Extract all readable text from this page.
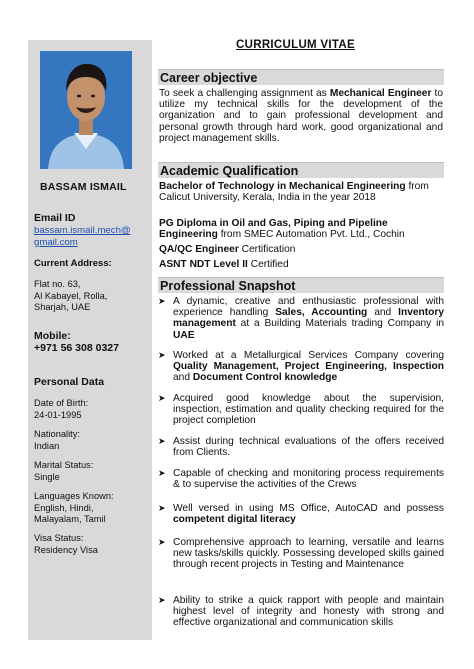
BASSAM ISMAIL
Email ID
bassam.ismail.mech@
gmail.com
Current Address:
Flat no. 63,
Al Kabayel, Rolla,
Sharjah, UAE
Mobile:
+971 56 308 0327
Personal Data
Date of Birth:
24-01-1995
Nationality:
Indian
Marital Status:
Single
Languages Known:
English, Hindi,
Malayalam, Tamil
Visa Status:
Residency Visa
CURRICULUM VITAE
Career objective
To seek a challenging assignment as Mechanical Engineer to utilize my technical skills for the development of the organization and to gain professional development and personal growth through hard work, good organizational and project management skills.
Academic Qualification
Bachelor of Technology in Mechanical Engineering from Calicut University, Kerala, India in the year 2018
PG Diploma in Oil and Gas, Piping and Pipeline Engineering from SMEC Automation Pvt. Ltd., Cochin
QA/QC Engineer Certification
ASNT NDT Level II Certified
Professional Snapshot
➤ A dynamic, creative and enthusiastic professional with experience handling Sales, Accounting and Inventory management at a Building Materials trading Company in UAE
➤ Worked at a Metallurgical Services Company covering Quality Management, Project Engineering, Inspection and Document Control knowledge
➤ Acquired good knowledge about the supervision, inspection, estimation and quality checking required for the project completion
➤ Assist during technical evaluations of the offers received from Clients.
➤ Capable of checking and monitoring process requirements & to supervise the activities of the Crews
➤ Well versed in using MS Office, AutoCAD and possess competent digital literacy
➤ Comprehensive approach to learning, versatile and learns new tasks/skills quickly. Possessing developed skills gained through recent projects in Testing and Maintenance
➤ Ability to strike a quick rapport with people and maintain highest level of integrity and honesty with strong and effective organizational and communication skills
